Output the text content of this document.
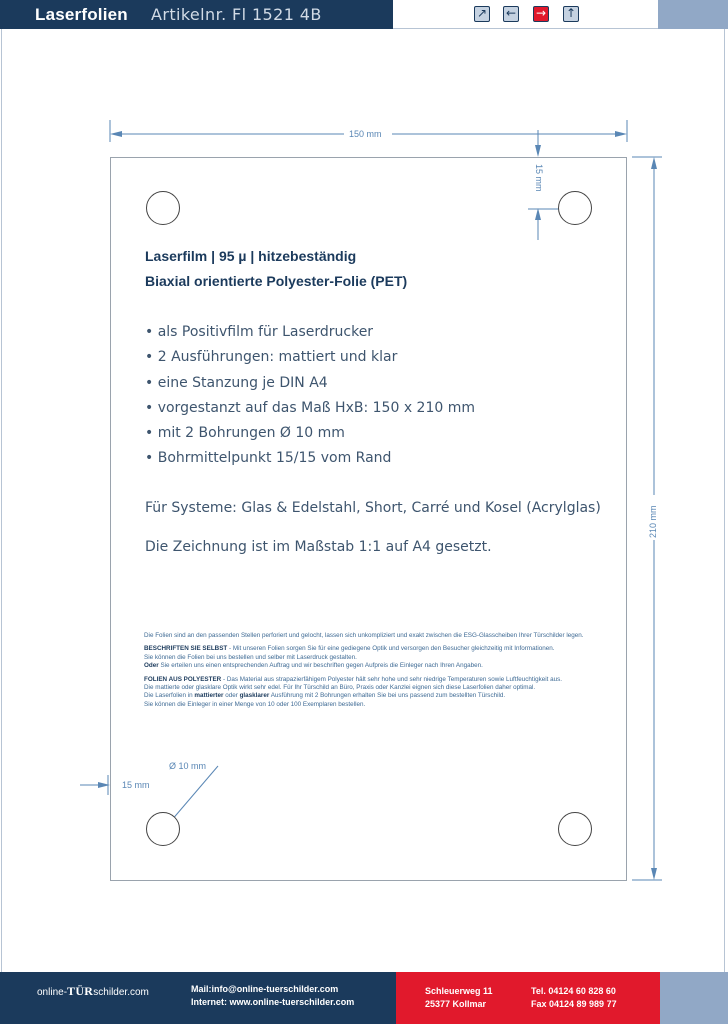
Laserfolien Artikelnr. Fl 1521 4B	↗ ← → ↑
150 mm
210 mm
15 mm
15 mm
Ø 10 mm
Laserfilm | 95 µ | hitzebeständig
Biaxial orientierte Polyester-Folie (PET)
• als Positivfilm für Laserdrucker
• 2 Ausführungen: mattiert und klar
• eine Stanzung je DIN A4
• vorgestanzt auf das Maß HxB: 150 x 210 mm
• mit 2 Bohrungen Ø 10 mm
• Bohrmittelpunkt 15/15 vom Rand
Für Systeme: Glas & Edelstahl, Short, Carré und Kosel (Acrylglas)
Die Zeichnung ist im Maßstab 1:1 auf A4 gesetzt.

Die Folien sind an den passenden Stellen perforiert und gelocht, lassen sich unkompliziert und exakt zwischen die ESG-Glasscheiben Ihrer Türschilder legen.

BESCHRIFTEN SIE SELBST - Mit unseren Folien sorgen Sie für eine gediegene Optik und versorgen den Besucher gleichzeitig mit Informationen.
Sie können die Folien bei uns bestellen und selber mit Laserdruck gestalten.
Oder Sie erteilen uns einen entsprechenden Auftrag und wir beschriften gegen Aufpreis die Einleger nach Ihren Angaben.

FOLIEN AUS POLYESTER - Das Material aus strapazierfähigem Polyester hält sehr hohe und sehr niedrige Temperaturen sowie Luftfeuchtigkeit aus.
Die mattierte oder glasklare Optik wirkt sehr edel. Für Ihr Türschild an Büro, Praxis oder Kanzlei eignen sich diese Laserfolien daher optimal.
Die Laserfolien in mattierter oder glasklarer Ausführung mit 2 Bohrungen erhalten Sie bei uns passend zum bestellten Türschild.
Sie können die Einleger in einer Menge von 10 oder 100 Exemplaren bestellen.

online-TÜRschilder.com	Mail:info@online-tuerschilder.com
Internet: www.online-tuerschilder.com
Schleuerweg 11
25377 Kollmar
Tel. 04124 60 828 60
Fax 04124 89 989 77
